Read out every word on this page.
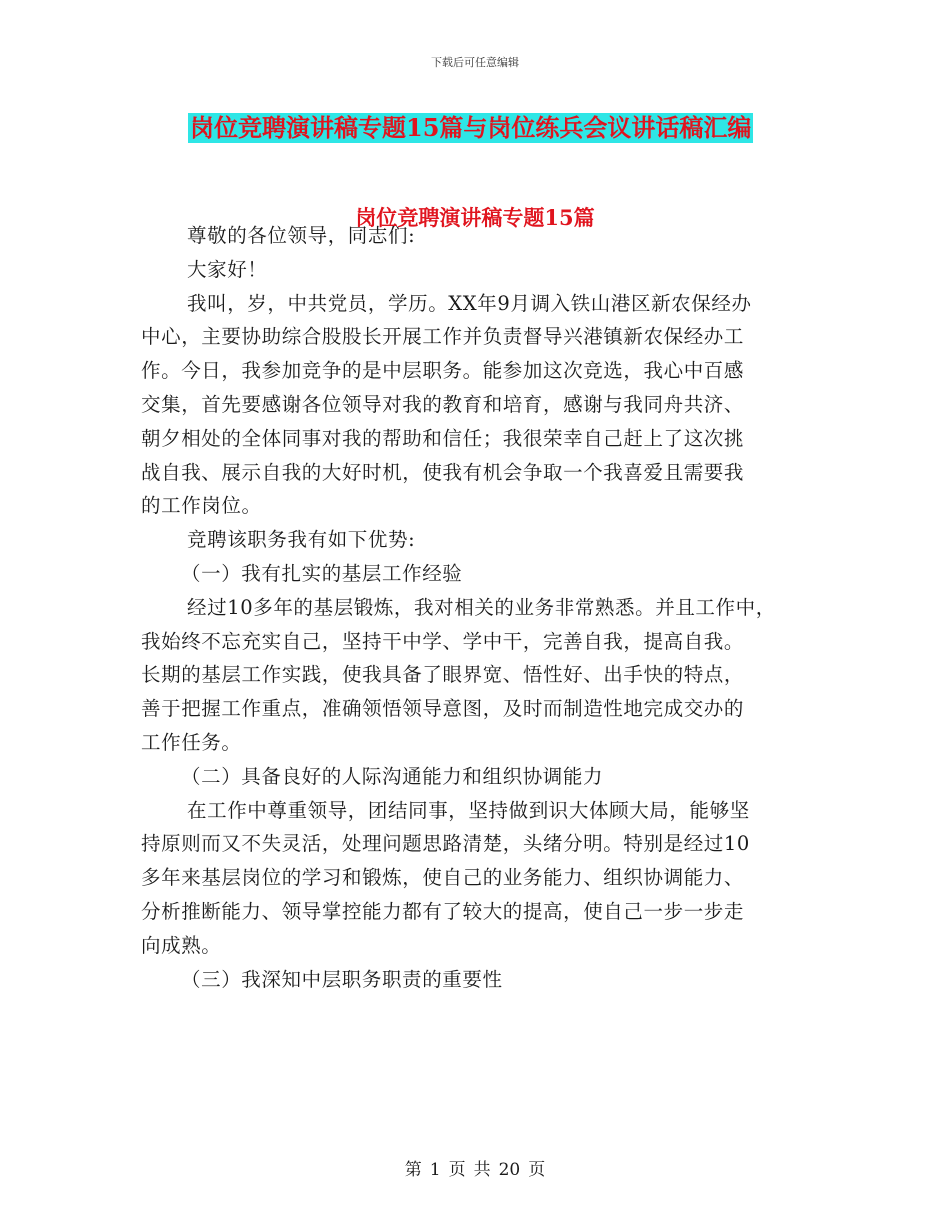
下载后可任意编辑
岗位竞聘演讲稿专题15篇与岗位练兵会议讲话稿汇编
岗位竞聘演讲稿专题15篇
尊敬的各位领导，同志们:
大家好！
我叫，岁，中共党员，学历。XX年9月调入铁山港区新农保经办
中心，主要协助综合股股长开展工作并负责督导兴港镇新农保经办工
作。今日，我参加竞争的是中层职务。能参加这次竞选，我心中百感
交集，首先要感谢各位领导对我的教育和培育，感谢与我同舟共济、
朝夕相处的全体同事对我的帮助和信任；我很荣幸自己赶上了这次挑
战自我、展示自我的大好时机，使我有机会争取一个我喜爱且需要我
的工作岗位。
竞聘该职务我有如下优势:
（一）我有扎实的基层工作经验
经过10多年的基层锻炼，我对相关的业务非常熟悉。并且工作中，
我始终不忘充实自己，坚持干中学、学中干，完善自我，提高自我。
长期的基层工作实践，使我具备了眼界宽、悟性好、出手快的特点，
善于把握工作重点，准确领悟领导意图，及时而制造性地完成交办的
工作任务。
（二）具备良好的人际沟通能力和组织协调能力
在工作中尊重领导，团结同事，坚持做到识大体顾大局，能够坚
持原则而又不失灵活，处理问题思路清楚，头绪分明。特别是经过10
多年来基层岗位的学习和锻炼，使自己的业务能力、组织协调能力、
分析推断能力、领导掌控能力都有了较大的提高，使自己一步一步走
向成熟。
（三）我深知中层职务职责的重要性
第 1 页 共 20 页
